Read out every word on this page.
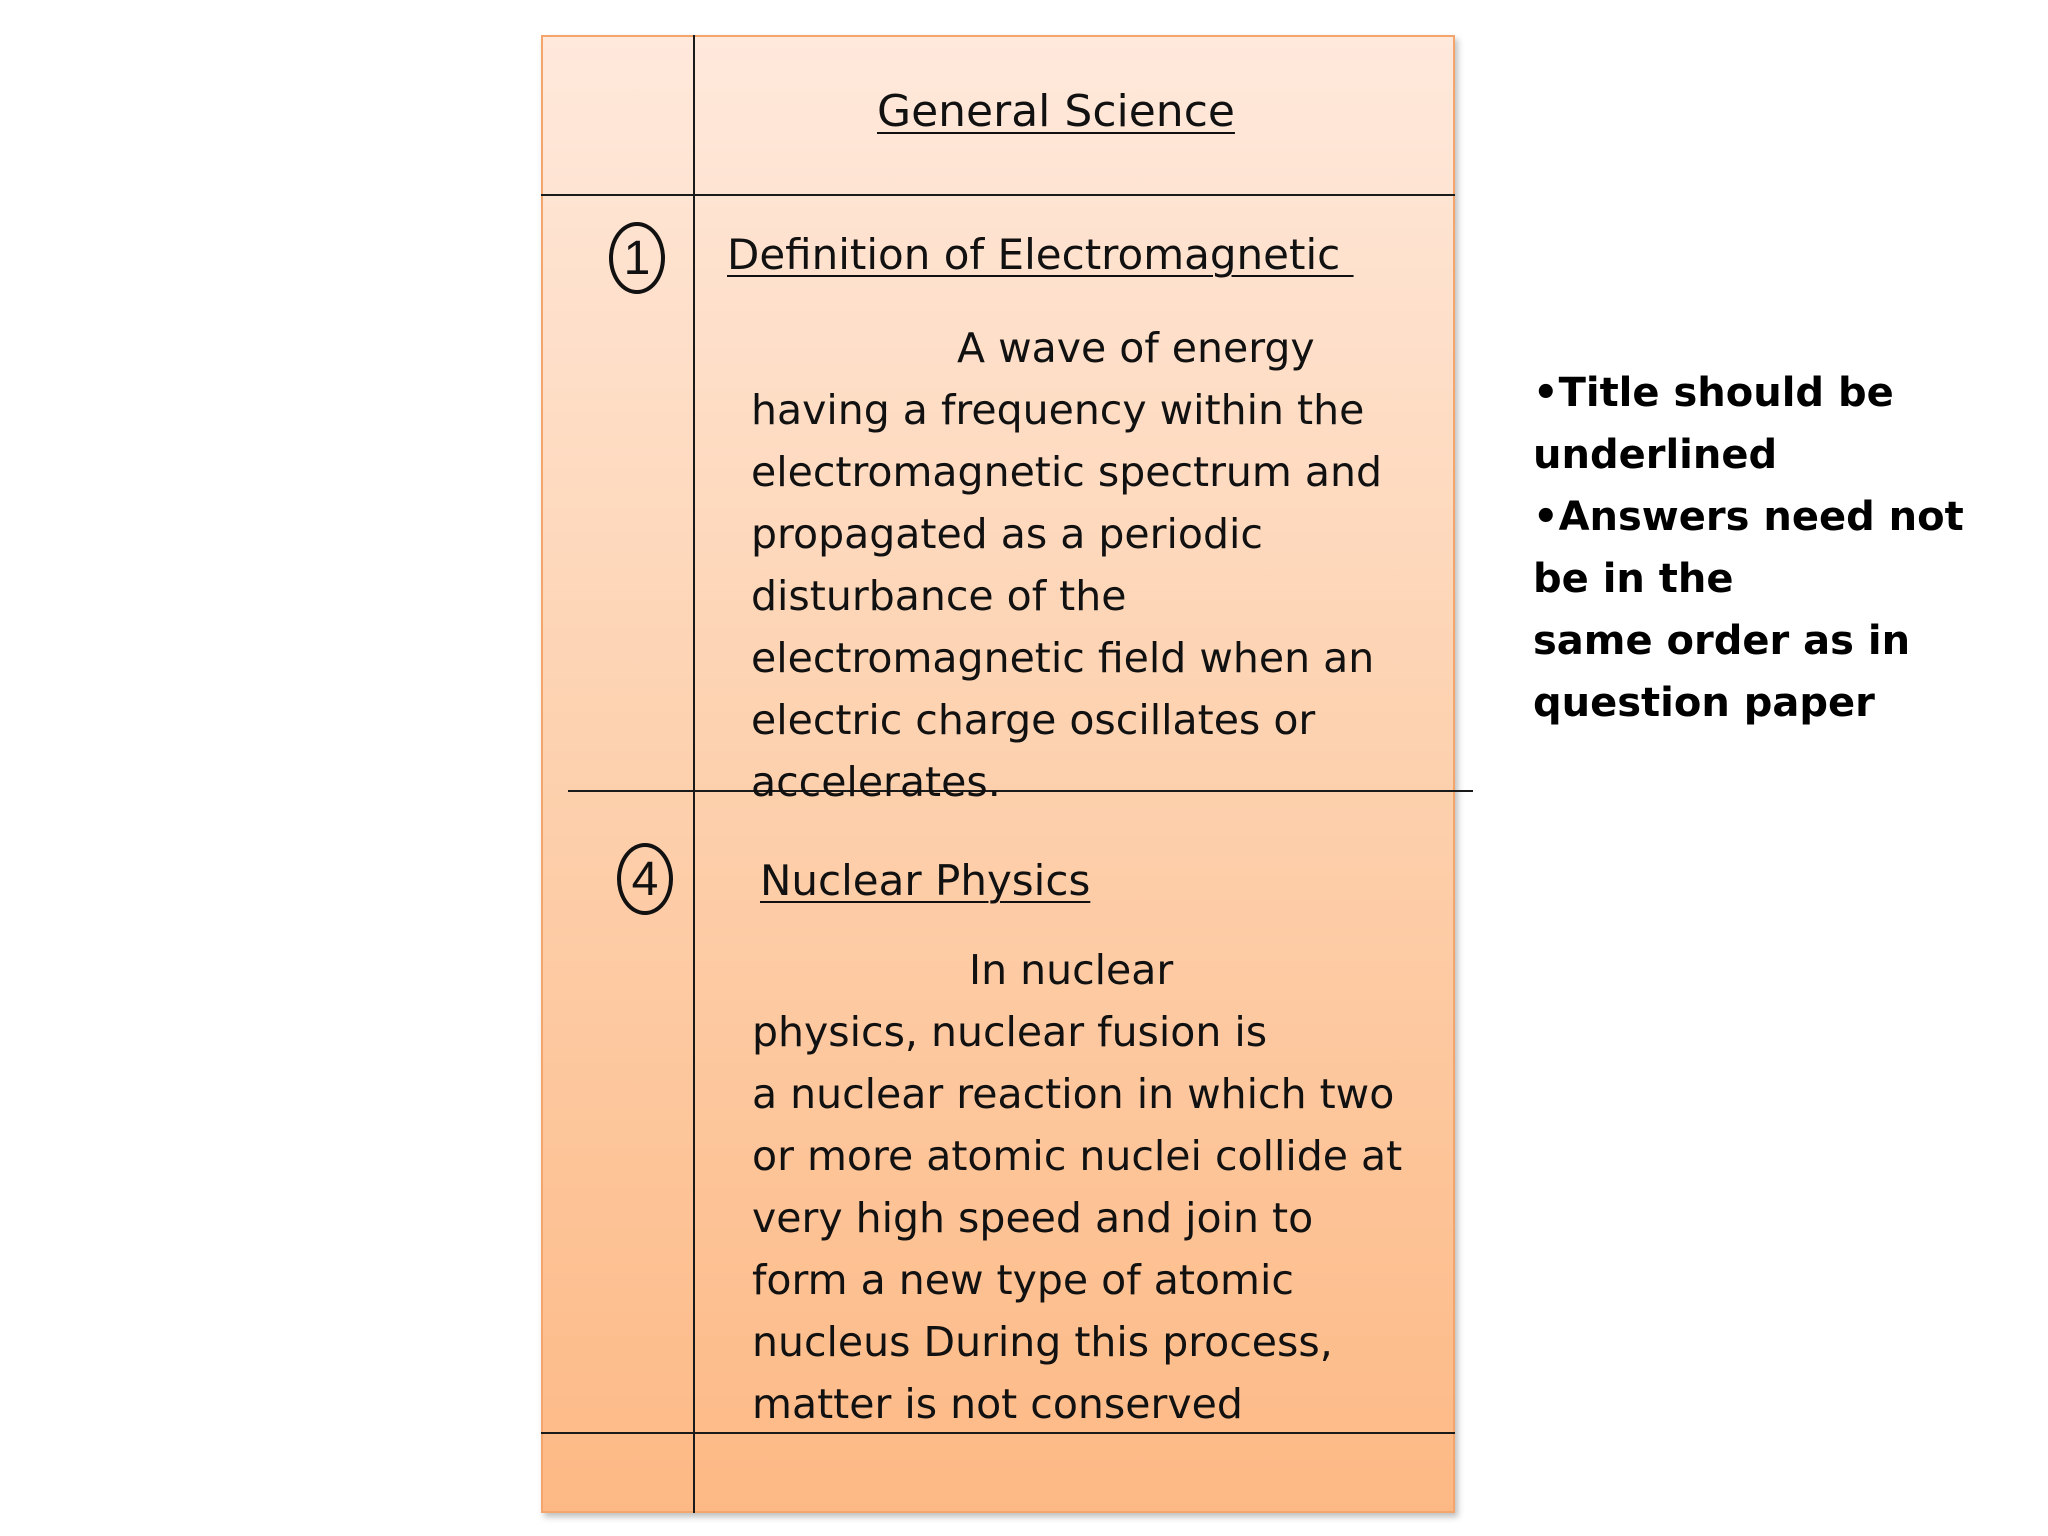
General Science
1	Definition of Electromagnetic
A wave of energy
having a frequency within the
electromagnetic spectrum and
propagated as a periodic
disturbance of the
electromagnetic field when an
electric charge oscillates or
accelerates.
4	Nuclear Physics
In nuclear
physics, nuclear fusion is
a nuclear reaction in which two
or more atomic nuclei collide at
very high speed and join to
form a new type of atomic
nucleus During this process,
matter is not conserved
•Title should be
underlined
•Answers need not
be in the
same order as in
question paper
